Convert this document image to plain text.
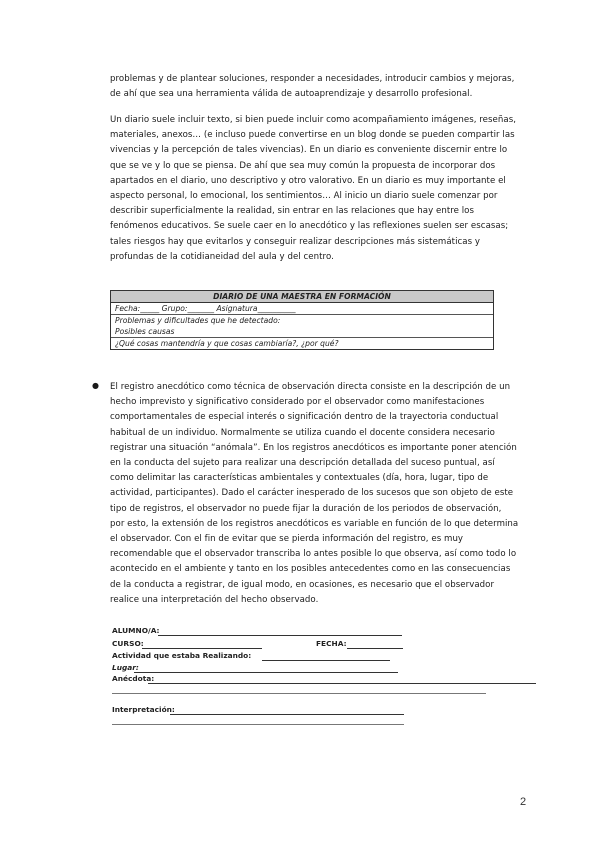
problemas y de plantear soluciones, responder a necesidades, introducir cambios y mejoras,
de ahí que sea una herramienta válida de autoaprendizaje y desarrollo profesional.
Un diario suele incluir texto, si bien puede incluir como acompañamiento imágenes, reseñas,
materiales, anexos… (e incluso puede convertirse en un blog donde se pueden compartir las
vivencias y la percepción de tales vivencias). En un diario es conveniente discernir entre lo
que se ve y lo que se piensa. De ahí que sea muy común la propuesta de incorporar dos
apartados en el diario, uno descriptivo y otro valorativo. En un diario es muy importante el
aspecto personal, lo emocional, los sentimientos… Al inicio un diario suele comenzar por
describir superficialmente la realidad, sin entrar en las relaciones que hay entre los
fenómenos educativos. Se suele caer en lo anecdótico y las reflexiones suelen ser escasas;
tales riesgos hay que evitarlos y conseguir realizar descripciones más sistemáticas y
profundas de la cotidianeidad del aula y del centro.
DIARIO DE UNA MAESTRA EN FORMACIÓN
Fecha:_____ Grupo:_______ Asignatura__________
Problemas y dificultades que he detectado:
Posibles causas
¿Qué cosas mantendría y que cosas cambiaría?, ¿por qué?
● El registro anecdótico como técnica de observación directa consiste en la descripción de un
hecho imprevisto y significativo considerado por el observador como manifestaciones
comportamentales de especial interés o significación dentro de la trayectoria conductual
habitual de un individuo. Normalmente se utiliza cuando el docente considera necesario
registrar una situación “anómala”. En los registros anecdóticos es importante poner atención
en la conducta del sujeto para realizar una descripción detallada del suceso puntual, así
como delimitar las características ambientales y contextuales (día, hora, lugar, tipo de
actividad, participantes). Dado el carácter inesperado de los sucesos que son objeto de este
tipo de registros, el observador no puede fijar la duración de los periodos de observación,
por esto, la extensión de los registros anecdóticos es variable en función de lo que determina
el observador. Con el fin de evitar que se pierda información del registro, es muy
recomendable que el observador transcriba lo antes posible lo que observa, así como todo lo
acontecido en el ambiente y tanto en los posibles antecedentes como en las consecuencias
de la conducta a registrar, de igual modo, en ocasiones, es necesario que el observador
realice una interpretación del hecho observado.
ALUMNO/A:
CURSO:	FECHA:
Actividad que estaba Realizando:
Lugar:
Anécdota:
Interpretación:
2
